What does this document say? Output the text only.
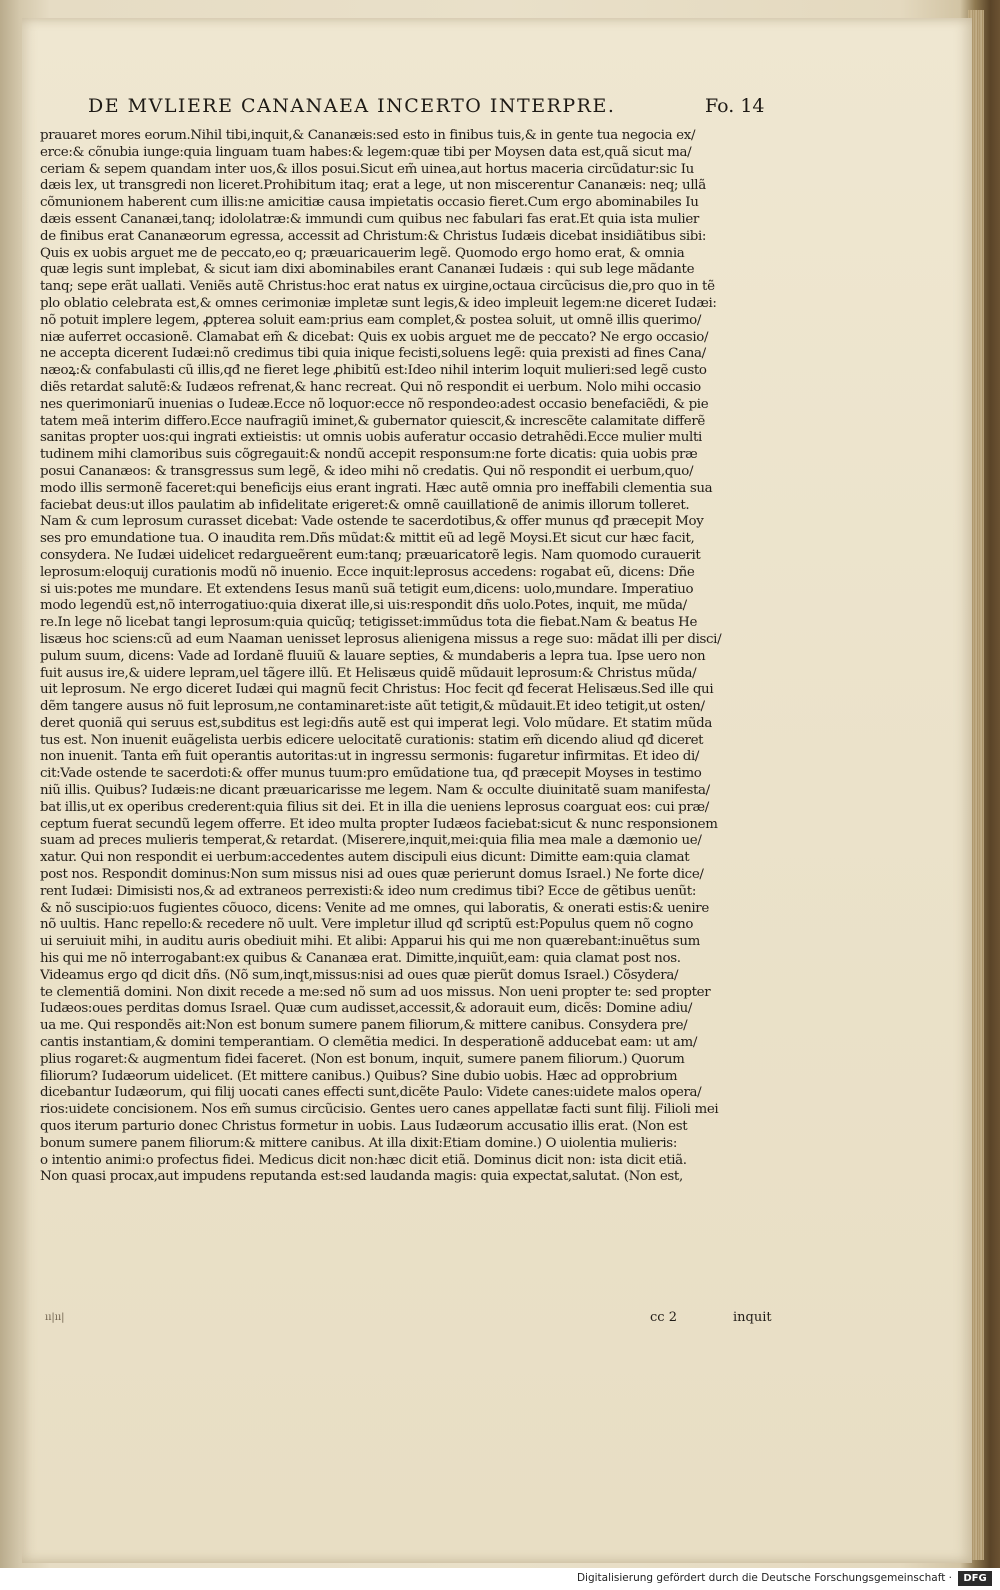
DE MVLIERE CANANAEA INCERTO INTERPRE.	Fo. 14
prauaret mores eorum.Nihil tibi,inquit,& Cananæis:sed esto in finibus tuis,& in gente tua negocia ex/
erce:& cõnubia iunge:quia linguam tuam habes:& legem:quæ tibi per Moysen data est,quã sicut ma/
ceriam & sepem quandam inter uos,& illos posui.Sicut em̃ uinea,aut hortus maceria circũdatur:sic Iu
dæis lex, ut transgredi non liceret.Prohibitum itaq; erat a lege, ut non miscerentur Cananæis: neq; ullã
cõmunionem haberent cum illis:ne amicitiæ causa impietatis occasio fieret.Cum ergo abominabiles Iu
dæis essent Cananæi,tanq; idololatræ:& immundi cum quibus nec fabulari fas erat.Et quia ista mulier
de finibus erat Cananæorum egressa, accessit ad Christum:& Christus Iudæis dicebat insidiãtibus sibi:
Quis ex uobis arguet me de peccato,eo q; præuaricauerim legẽ. Quomodo ergo homo erat, & omnia
quæ legis sunt implebat, & sicut iam dixi abominabiles erant Cananæi Iudæis : qui sub lege mãdante
tanq; sepe erãt uallati. Veniẽs autẽ Christus:hoc erat natus ex uirgine,octaua circũcisus die,pro quo in tẽ
plo oblatio celebrata est,& omnes cerimoniæ impletæ sunt legis,& ideo impleuit legem:ne diceret Iudæi:
nõ potuit implere legem, ꝓpterea soluit eam:prius eam complet,& postea soluit, ut omnẽ illis querimo/
niæ auferret occasionẽ. Clamabat em̃ & dicebat: Quis ex uobis arguet me de peccato? Ne ergo occasio/
ne accepta dicerent Iudæi:nõ credimus tibi quia inique fecisti,soluens legẽ: quia prexisti ad fines Cana/
næoꝝ:& confabulasti cũ illis,qđ ne fieret lege ꝓhibitũ est:Ideo nihil interim loquit̃ mulieri:sed legẽ custo
diẽs retardat salutẽ:& Iudæos refrenat,& hanc recreat. Qui nõ respondit ei uerbum. Nolo mihi occasio
nes querimoniarũ inuenias o Iudeæ.Ecce nõ loquor:ecce nõ respondeo:adest occasio benefaciẽdi, & pie
tatem meã interim differo.Ecce naufragiũ iminet,& gubernator quiescit,& increscẽte calamitate differẽ
sanitas propter uos:qui ingrati extieistis: ut omnis uobis auferatur occasio detrahẽdi.Ecce mulier multi
tudinem mihi clamoribus suis cõgregauit:& nondũ accepit responsum:ne forte dicatis: quia uobis præ
posui Cananæos: & transgressus sum legẽ, & ideo mihi nõ credatis. Qui nõ respondit ei uerbum,quo/
modo illis sermonẽ faceret:qui beneficijs eius erant ingrati. Hæc autẽ omnia pro ineffabili clementia sua
faciebat deus:ut illos paulatim ab infidelitate erigeret:& omnẽ cauillationẽ de animis illorum tolleret.
Nam & cum leprosum curasset dicebat: Vade ostende te sacerdotibus,& offer munus qđ præcepit Moy
ses pro emundatione tua. O inaudita rem.Dñs mũdat:& mittit eũ ad legẽ Moysi.Et sicut cur hæc facit,
consydera. Ne Iudæi uidelicet redargueẽrent eum:tanq; præuaricatorẽ legis. Nam quomodo curauerit
leprosum:eloquij curationis modũ nõ inuenio. Ecce inquit:leprosus accedens: rogabat eũ, dicens: Dñe
si uis:potes me mundare. Et extendens Iesus manũ suã tetigit eum,dicens: uolo,mundare. Imperatiuo
modo legendũ est,nõ interrogatiuo:quia dixerat ille,si uis:respondit dñs uolo.Potes, inquit, me mũda/
re.In lege nõ licebat tangi leprosum:quia quicũq; tetigisset:immũdus tota die fiebat.Nam & beatus He
lisæus hoc sciens:cũ ad eum Naaman uenisset leprosus alienigena missus a rege suo: mãdat illi per disci/
pulum suum, dicens: Vade ad Iordanẽ fluuiũ & lauare septies, & mundaberis a lepra tua. Ipse uero non
fuit ausus ire,& uidere lepram,uel tãgere illũ. Et Helisæus quidẽ mũdauit leprosum:& Christus mũda/
uit leprosum. Ne ergo diceret Iudæi qui magnũ fecit Christus: Hoc fecit qđ fecerat Helisæus.Sed ille qui
dẽm tangere ausus nõ fuit leprosum,ne contaminaret:iste aũt tetigit,& mũdauit.Et ideo tetigit,ut osten/
deret quoniã qui seruus est,subditus est legi:dñs autẽ est qui imperat legi. Volo mũdare. Et statim mũda
tus est. Non inuenit euãgelista uerbis edicere uelocitatẽ curationis: statim em̃ dicendo aliud qđ diceret
non inuenit. Tanta em̃ fuit operantis autoritas:ut in ingressu sermonis: fugaretur infirmitas. Et ideo di/
cit:Vade ostende te sacerdoti:& offer munus tuum:pro emũdatione tua, qđ præcepit Moyses in testimo
niũ illis. Quibus? Iudæis:ne dicant præuaricarisse me legem. Nam & occulte diuinitatẽ suam manifesta/
bat illis,ut ex operibus crederent:quia filius sit dei. Et in illa die ueniens leprosus coarguat eos: cui præ/
ceptum fuerat secundũ legem offerre. Et ideo multa propter Iudæos faciebat:sicut & nunc responsionem
suam ad preces mulieris temperat,& retardat. (Miserere,inquit,mei:quia filia mea male a dæmonio ue/
xatur. Qui non respondit ei uerbum:accedentes autem discipuli eius dicunt: Dimitte eam:quia clamat
post nos. Respondit dominus:Non sum missus nisi ad oues quæ perierunt domus Israel.) Ne forte dice/
rent Iudæi: Dimisisti nos,& ad extraneos perrexisti:& ideo num credimus tibi? Ecce de gẽtibus uenũt:
& nõ suscipio:uos fugientes cõuoco, dicens: Venite ad me omnes, qui laboratis, & onerati estis:& uenire
nõ uultis. Hanc repello:& recedere nõ uult. Vere impletur illud qđ scriptũ est:Populus quem nõ cogno
ui seruiuit mihi, in auditu auris obediuit mihi. Et alibi: Apparui his qui me non quærebant:inuẽtus sum
his qui me nõ interrogabant:ex quibus & Cananæa erat. Dimitte,inquiũt,eam: quia clamat post nos.
Videamus ergo qd dicit dñs. (Nõ sum,inqt,missus:nisi ad oues quæ pierũt domus Israel.) Cõsydera/
te clementiã domini. Non dixit recede a me:sed nõ sum ad uos missus. Non ueni propter te: sed propter
Iudæos:oues perditas domus Israel. Quæ cum audisset,accessit,& adorauit eum, dicẽs: Domine adiu/
ua me. Qui respondẽs ait:Non est bonum sumere panem filiorum,& mittere canibus. Consydera pre/
cantis instantiam,& domini temperantiam. O clemẽtia medici. In desperationẽ adducebat eam: ut am/
plius rogaret:& augmentum fidei faceret. (Non est bonum, inquit, sumere panem filiorum.) Quorum
filiorum? Iudæorum uidelicet. (Et mittere canibus.) Quibus? Sine dubio uobis. Hæc ad opprobrium
dicebantur Iudæorum, qui filij uocati canes effecti sunt,dicẽte Paulo: Videte canes:uidete malos opera/
rios:uidete concisionem. Nos em̃ sumus circũcisio. Gentes uero canes appellatæ facti sunt filij. Filioli mei
quos iterum parturio donec Christus formetur in uobis. Laus Iudæorum accusatio illis erat. (Non est
bonum sumere panem filiorum:& mittere canibus. At illa dixit:Etiam domine.) O uiolentia mulieris:
o intentio animi:o profectus fidei. Medicus dicit non:hæc dicit etiã. Dominus dicit non: ista dicit etiã.
Non quasi procax,aut impudens reputanda est:sed laudanda magis: quia expectat,salutat. (Non est,
ıı|ıı|	cc 2	inquit
Digitalisierung gefördert durch die Deutsche Forschungsgemeinschaft ·	DFG
